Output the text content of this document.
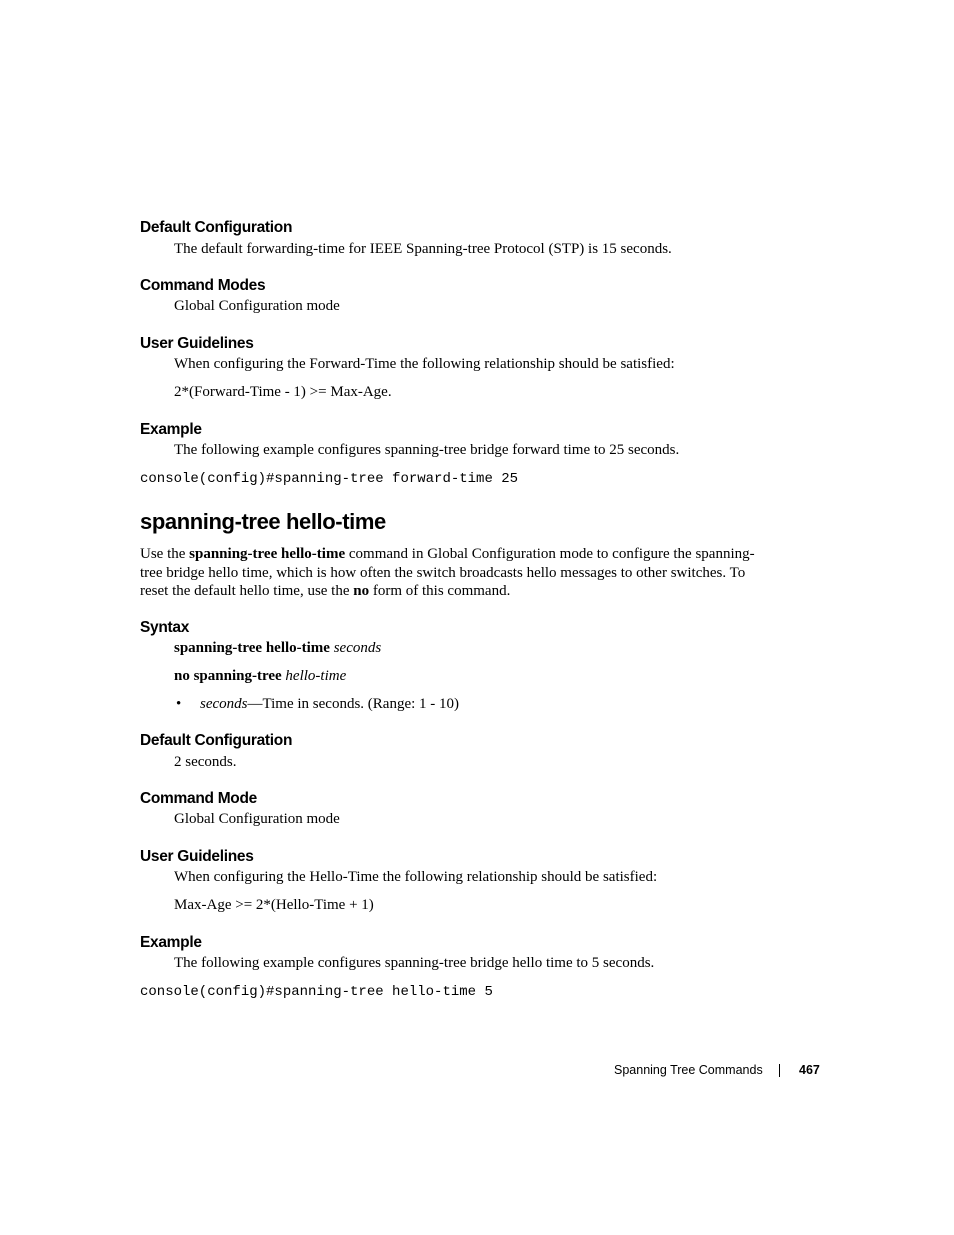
Default Configuration
The default forwarding-time for IEEE Spanning-tree Protocol (STP) is 15 seconds.
Command Modes
Global Configuration mode
User Guidelines
When configuring the Forward-Time the following relationship should be satisfied:
2*(Forward-Time - 1) >= Max-Age.
Example
The following example configures spanning-tree bridge forward time to 25 seconds.
console(config)#spanning-tree forward-time 25
spanning-tree hello-time
Use the spanning-tree hello-time command in Global Configuration mode to configure the spanning-tree bridge hello time, which is how often the switch broadcasts hello messages to other switches. To reset the default hello time, use the no form of this command.
Syntax
spanning-tree hello-time seconds
no spanning-tree hello-time
• seconds—Time in seconds. (Range: 1 - 10)
Default Configuration
2 seconds.
Command Mode
Global Configuration mode
User Guidelines
When configuring the Hello-Time the following relationship should be satisfied:
Max-Age >= 2*(Hello-Time + 1)
Example
The following example configures spanning-tree bridge hello time to 5 seconds.
console(config)#spanning-tree hello-time 5
Spanning Tree Commands	467
